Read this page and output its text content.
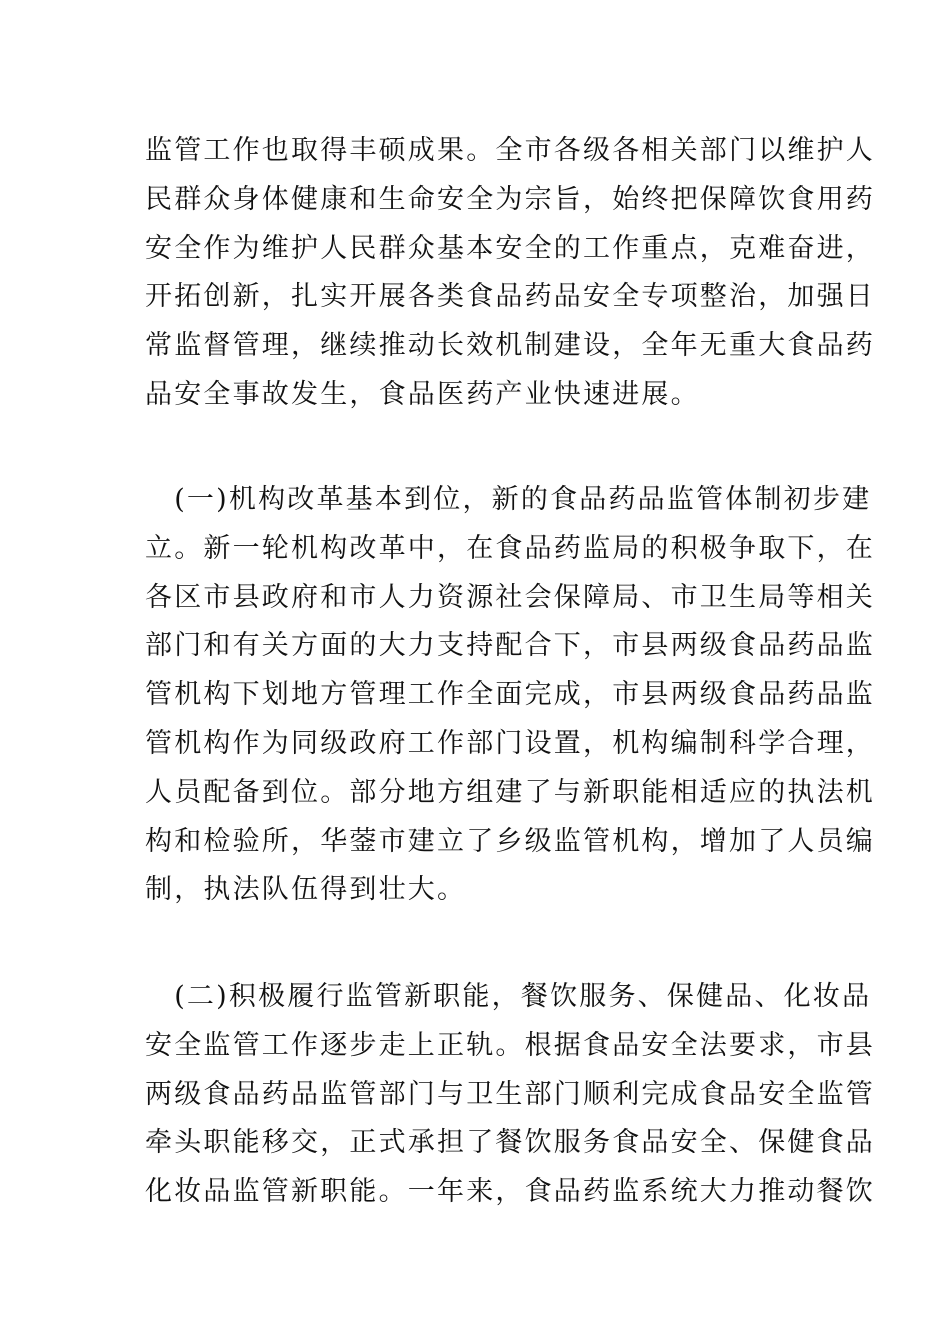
监管工作也取得丰硕成果。全市各级各相关部门以维护人
民群众身体健康和生命安全为宗旨，始终把保障饮食用药
安全作为维护人民群众基本安全的工作重点，克难奋进，
开拓创新，扎实开展各类食品药品安全专项整治，加强日
常监督管理，继续推动长效机制建设，全年无重大食品药
品安全事故发生，食品医药产业快速进展。
　(一)机构改革基本到位，新的食品药品监管体制初步建
立。新一轮机构改革中，在食品药监局的积极争取下，在
各区市县政府和市人力资源社会保障局、市卫生局等相关
部门和有关方面的大力支持配合下，市县两级食品药品监
管机构下划地方管理工作全面完成，市县两级食品药品监
管机构作为同级政府工作部门设置，机构编制科学合理，
人员配备到位。部分地方组建了与新职能相适应的执法机
构和检验所，华蓥市建立了乡级监管机构，增加了人员编
制，执法队伍得到壮大。
　(二)积极履行监管新职能，餐饮服务、保健品、化妆品
安全监管工作逐步走上正轨。根据食品安全法要求，市县
两级食品药品监管部门与卫生部门顺利完成食品安全监管
牵头职能移交，正式承担了餐饮服务食品安全、保健食品
化妆品监管新职能。一年来，食品药监系统大力推动餐饮
